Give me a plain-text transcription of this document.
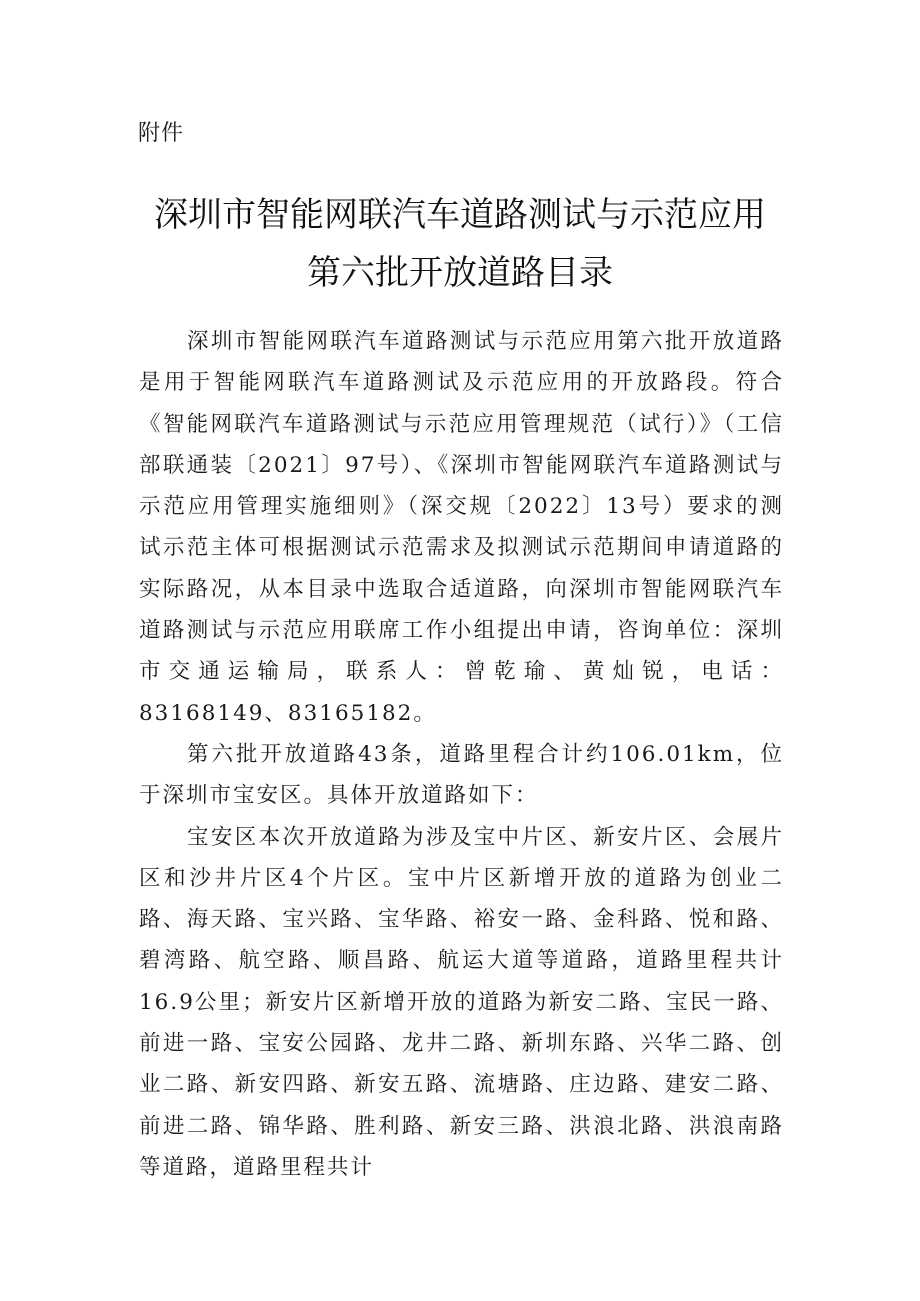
附件
深圳市智能网联汽车道路测试与示范应用
第六批开放道路目录

深圳市智能网联汽车道路测试与示范应用第六批开放道路是用于智能网联汽车道路测试及示范应用的开放路段。符合《智能网联汽车道路测试与示范应用管理规范（试行）》（工信部联通装〔2021〕97号）、《深圳市智能网联汽车道路测试与示范应用管理实施细则》（深交规〔2022〕13号）要求的测试示范主体可根据测试示范需求及拟测试示范期间申请道路的实际路况，从本目录中选取合适道路，向深圳市智能网联汽车道路测试与示范应用联席工作小组提出申请，咨询单位：深圳市交通运输局，联系人：曾乾瑜、黄灿锐，电话：83168149、83165182。

第六批开放道路43条，道路里程合计约106.01km，位于深圳市宝安区。具体开放道路如下：

宝安区本次开放道路为涉及宝中片区、新安片区、会展片区和沙井片区4个片区。宝中片区新增开放的道路为创业二路、海天路、宝兴路、宝华路、裕安一路、金科路、悦和路、碧湾路、航空路、顺昌路、航运大道等道路，道路里程共计16.9公里；新安片区新增开放的道路为新安二路、宝民一路、前进一路、宝安公园路、龙井二路、新圳东路、兴华二路、创业二路、新安四路、新安五路、流塘路、庄边路、建安二路、前进二路、锦华路、胜利路、新安三路、洪浪北路、洪浪南路等道路，道路里程共计
